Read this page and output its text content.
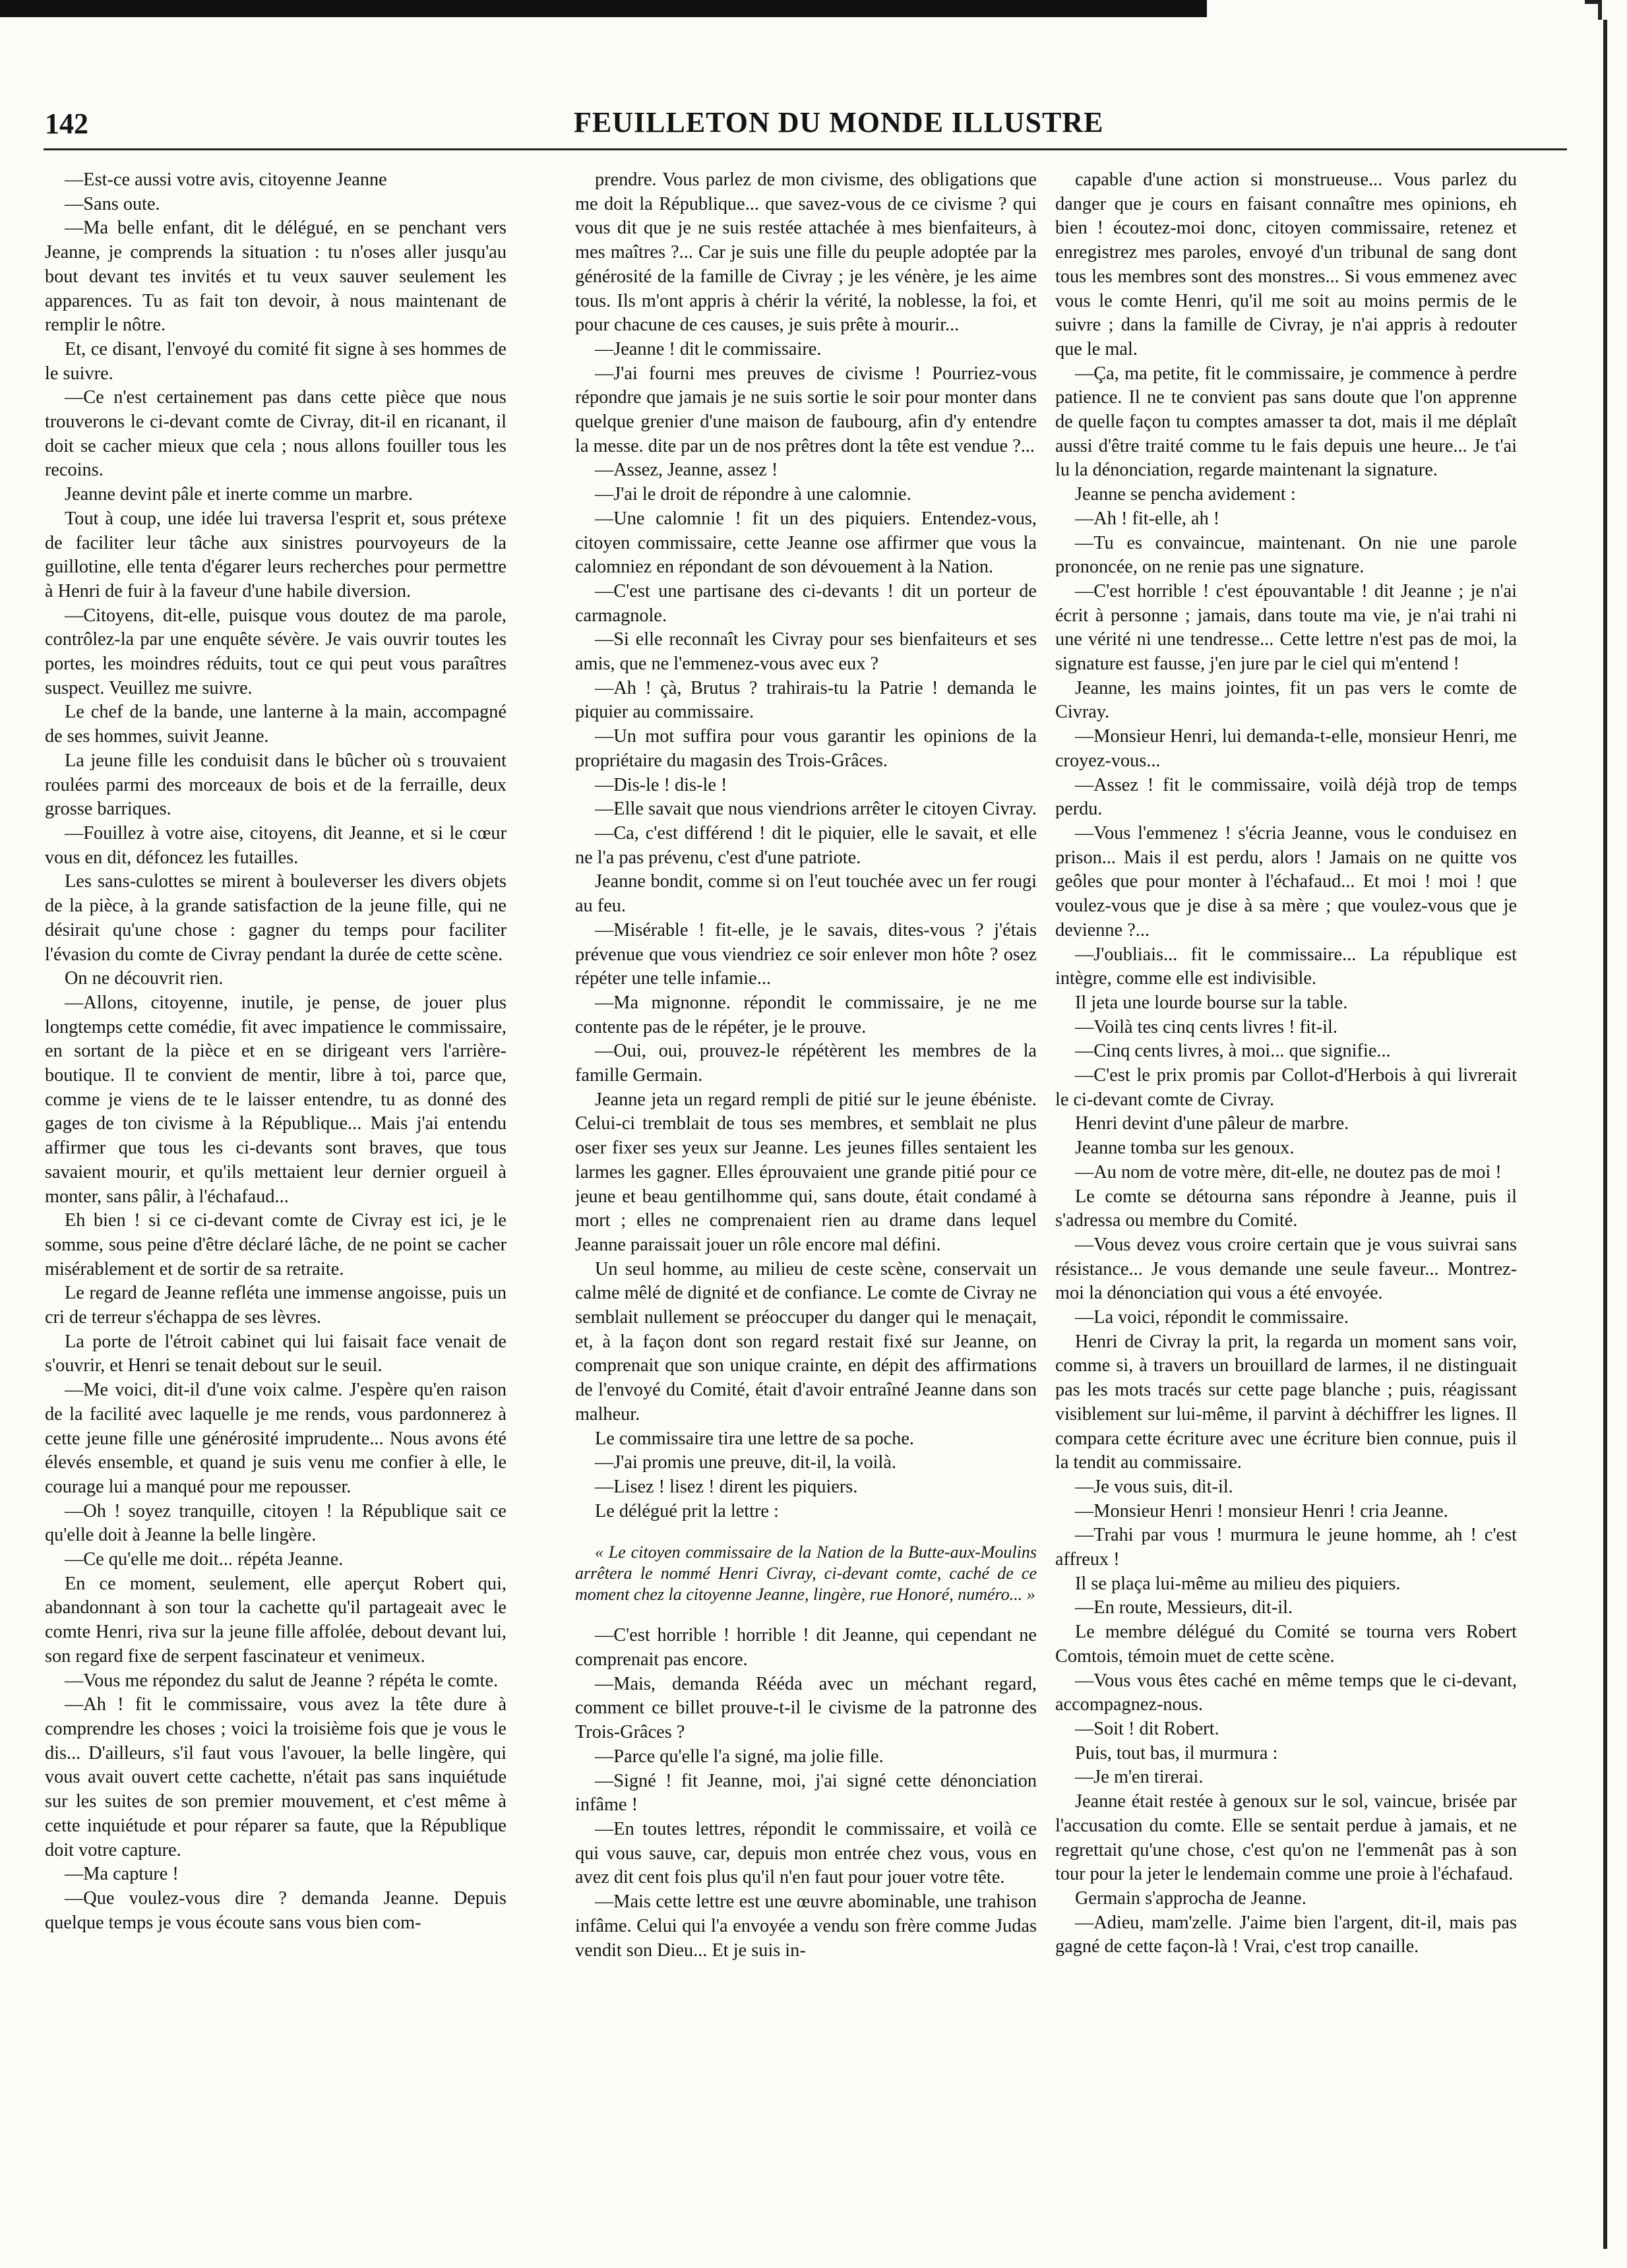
142	FEUILLETON DU MONDE ILLUSTRE

—Est-ce aussi votre avis, citoyenne Jeanne

—Sans oute.

—Ma belle enfant, dit le délégué, en se penchant vers Jeanne, je comprends la situation : tu n'oses aller jusqu'au bout devant tes invités et tu veux sauver seulement les apparences. Tu as fait ton devoir, à nous maintenant de remplir le nôtre.

Et, ce disant, l'envoyé du comité fit signe à ses hommes de le suivre.

—Ce n'est certainement pas dans cette pièce que nous trouverons le ci-devant comte de Civray, dit-il en ricanant, il doit se cacher mieux que cela ; nous allons fouiller tous les recoins.

Jeanne devint pâle et inerte comme un marbre.

Tout à coup, une idée lui traversa l'esprit et, sous prétexe de faciliter leur tâche aux sinistres pourvoyeurs de la guillotine, elle tenta d'égarer leurs recherches pour permettre à Henri de fuir à la faveur d'une habile diversion.

—Citoyens, dit-elle, puisque vous doutez de ma parole, contrôlez-la par une enquête sévère. Je vais ouvrir toutes les portes, les moindres réduits, tout ce qui peut vous paraîtres suspect. Veuillez me suivre.

Le chef de la bande, une lanterne à la main, accompagné de ses hommes, suivit Jeanne.

La jeune fille les conduisit dans le bûcher où s trouvaient roulées parmi des morceaux de bois et de la ferraille, deux grosse barriques.

—Fouillez à votre aise, citoyens, dit Jeanne, et si le cœur vous en dit, défoncez les futailles.

Les sans-culottes se mirent à bouleverser les divers objets de la pièce, à la grande satisfaction de la jeune fille, qui ne désirait qu'une chose : gagner du temps pour faciliter l'évasion du comte de Civray pendant la durée de cette scène.

On ne découvrit rien.

—Allons, citoyenne, inutile, je pense, de jouer plus longtemps cette comédie, fit avec impatience le commissaire, en sortant de la pièce et en se dirigeant vers l'arrière-boutique. Il te convient de mentir, libre à toi, parce que, comme je viens de te le laisser entendre, tu as donné des gages de ton civisme à la République... Mais j'ai entendu affirmer que tous les ci-devants sont braves, que tous savaient mourir, et qu'ils mettaient leur dernier orgueil à monter, sans pâlir, à l'échafaud...

Eh bien ! si ce ci-devant comte de Civray est ici, je le somme, sous peine d'être déclaré lâche, de ne point se cacher misérablement et de sortir de sa retraite.

Le regard de Jeanne refléta une immense angoisse, puis un cri de terreur s'échappa de ses lèvres.

La porte de l'étroit cabinet qui lui faisait face venait de s'ouvrir, et Henri se tenait debout sur le seuil.

—Me voici, dit-il d'une voix calme. J'espère qu'en raison de la facilité avec laquelle je me rends, vous pardonnerez à cette jeune fille une générosité imprudente... Nous avons été élevés ensemble, et quand je suis venu me confier à elle, le courage lui a manqué pour me repousser.

—Oh ! soyez tranquille, citoyen ! la République sait ce qu'elle doit à Jeanne la belle lingère.

—Ce qu'elle me doit... répéta Jeanne.

En ce moment, seulement, elle aperçut Robert qui, abandonnant à son tour la cachette qu'il partageait avec le comte Henri, riva sur la jeune fille affolée, debout devant lui, son regard fixe de serpent fascinateur et venimeux.

—Vous me répondez du salut de Jeanne ? répéta le comte.

—Ah ! fit le commissaire, vous avez la tête dure à comprendre les choses ; voici la troisième fois que je vous le dis... D'ailleurs, s'il faut vous l'avouer, la belle lingère, qui vous avait ouvert cette cachette, n'était pas sans inquiétude sur les suites de son premier mouvement, et c'est même à cette inquiétude et pour réparer sa faute, que la République doit votre capture.

—Ma capture !

—Que voulez-vous dire ? demanda Jeanne. Depuis quelque temps je vous écoute sans vous bien com-

prendre. Vous parlez de mon civisme, des obligations que me doit la République... que savez-vous de ce civisme ? qui vous dit que je ne suis restée attachée à mes bienfaiteurs, à mes maîtres ?... Car je suis une fille du peuple adoptée par la générosité de la famille de Civray ; je les vénère, je les aime tous. Ils m'ont appris à chérir la vérité, la noblesse, la foi, et pour chacune de ces causes, je suis prête à mourir...

—Jeanne ! dit le commissaire.

—J'ai fourni mes preuves de civisme ! Pourriez-vous répondre que jamais je ne suis sortie le soir pour monter dans quelque grenier d'une maison de faubourg, afin d'y entendre la messe. dite par un de nos prêtres dont la tête est vendue ?...

—Assez, Jeanne, assez !

—J'ai le droit de répondre à une calomnie.

—Une calomnie ! fit un des piquiers. Entendez-vous, citoyen commissaire, cette Jeanne ose affirmer que vous la calomniez en répondant de son dévouement à la Nation.

—C'est une partisane des ci-devants ! dit un porteur de carmagnole.

—Si elle reconnaît les Civray pour ses bienfaiteurs et ses amis, que ne l'emmenez-vous avec eux ?

—Ah ! çà, Brutus ? trahirais-tu la Patrie ! demanda le piquier au commissaire.

—Un mot suffira pour vous garantir les opinions de la propriétaire du magasin des Trois-Grâces.

—Dis-le ! dis-le !

—Elle savait que nous viendrions arrêter le citoyen Civray.

—Ca, c'est différend ! dit le piquier, elle le savait, et elle ne l'a pas prévenu, c'est d'une patriote.

Jeanne bondit, comme si on l'eut touchée avec un fer rougi au feu.

—Misérable ! fit-elle, je le savais, dites-vous ? j'étais prévenue que vous viendriez ce soir enlever mon hôte ? osez répéter une telle infamie...

—Ma mignonne. répondit le commissaire, je ne me contente pas de le répéter, je le prouve.

—Oui, oui, prouvez-le répétèrent les membres de la famille Germain.

Jeanne jeta un regard rempli de pitié sur le jeune ébéniste. Celui-ci tremblait de tous ses membres, et semblait ne plus oser fixer ses yeux sur Jeanne. Les jeunes filles sentaient les larmes les gagner. Elles éprouvaient une grande pitié pour ce jeune et beau gentilhomme qui, sans doute, était condamé à mort ; elles ne comprenaient rien au drame dans lequel Jeanne paraissait jouer un rôle encore mal défini.

Un seul homme, au milieu de ceste scène, conservait un calme mêlé de dignité et de confiance. Le comte de Civray ne semblait nullement se préoccuper du danger qui le menaçait, et, à la façon dont son regard restait fixé sur Jeanne, on comprenait que son unique crainte, en dépit des affirmations de l'envoyé du Comité, était d'avoir entraîné Jeanne dans son malheur.

Le commissaire tira une lettre de sa poche.

—J'ai promis une preuve, dit-il, la voilà.

—Lisez ! lisez ! dirent les piquiers.

Le délégué prit la lettre :

« Le citoyen commissaire de la Nation de la Butte-aux-Moulins arrêtera le nommé Henri Civray, ci-devant comte, caché de ce moment chez la citoyenne Jeanne, lingère, rue Honoré, numéro... »

—C'est horrible ! horrible ! dit Jeanne, qui cependant ne comprenait pas encore.

—Mais, demanda Rééda avec un méchant regard, comment ce billet prouve-t-il le civisme de la patronne des Trois-Grâces ?

—Parce qu'elle l'a signé, ma jolie fille.

—Signé ! fit Jeanne, moi, j'ai signé cette dénonciation infâme !

—En toutes lettres, répondit le commissaire, et voilà ce qui vous sauve, car, depuis mon entrée chez vous, vous en avez dit cent fois plus qu'il n'en faut pour jouer votre tête.

—Mais cette lettre est une œuvre abominable, une trahison infâme. Celui qui l'a envoyée a vendu son frère comme Judas vendit son Dieu... Et je suis in-

capable d'une action si monstrueuse... Vous parlez du danger que je cours en faisant connaître mes opinions, eh bien ! écoutez-moi donc, citoyen commissaire, retenez et enregistrez mes paroles, envoyé d'un tribunal de sang dont tous les membres sont des monstres... Si vous emmenez avec vous le comte Henri, qu'il me soit au moins permis de le suivre ; dans la famille de Civray, je n'ai appris à redouter que le mal.

—Ça, ma petite, fit le commissaire, je commence à perdre patience. Il ne te convient pas sans doute que l'on apprenne de quelle façon tu comptes amasser ta dot, mais il me déplaît aussi d'être traité comme tu le fais depuis une heure... Je t'ai lu la dénonciation, regarde maintenant la signature.

Jeanne se pencha avidement :

—Ah ! fit-elle, ah !

—Tu es convaincue, maintenant. On nie une parole prononcée, on ne renie pas une signature.

—C'est horrible ! c'est épouvantable ! dit Jeanne ; je n'ai écrit à personne ; jamais, dans toute ma vie, je n'ai trahi ni une vérité ni une tendresse... Cette lettre n'est pas de moi, la signature est fausse, j'en jure par le ciel qui m'entend !

Jeanne, les mains jointes, fit un pas vers le comte de Civray.

—Monsieur Henri, lui demanda-t-elle, monsieur Henri, me croyez-vous...

—Assez ! fit le commissaire, voilà déjà trop de temps perdu.

—Vous l'emmenez ! s'écria Jeanne, vous le conduisez en prison... Mais il est perdu, alors ! Jamais on ne quitte vos geôles que pour monter à l'échafaud... Et moi ! moi ! que voulez-vous que je dise à sa mère ; que voulez-vous que je devienne ?...

—J'oubliais... fit le commissaire... La république est intègre, comme elle est indivisible.

Il jeta une lourde bourse sur la table.

—Voilà tes cinq cents livres ! fit-il.

—Cinq cents livres, à moi... que signifie...

—C'est le prix promis par Collot-d'Herbois à qui livrerait le ci-devant comte de Civray.

Henri devint d'une pâleur de marbre.

Jeanne tomba sur les genoux.

—Au nom de votre mère, dit-elle, ne doutez pas de moi !

Le comte se détourna sans répondre à Jeanne, puis il s'adressa ou membre du Comité.

—Vous devez vous croire certain que je vous suivrai sans résistance... Je vous demande une seule faveur... Montrez-moi la dénonciation qui vous a été envoyée.

—La voici, répondit le commissaire.

Henri de Civray la prit, la regarda un moment sans voir, comme si, à travers un brouillard de larmes, il ne distinguait pas les mots tracés sur cette page blanche ; puis, réagissant visiblement sur lui-même, il parvint à déchiffrer les lignes. Il compara cette écriture avec une écriture bien connue, puis il la tendit au commissaire.

—Je vous suis, dit-il.

—Monsieur Henri ! monsieur Henri ! cria Jeanne.

—Trahi par vous ! murmura le jeune homme, ah ! c'est affreux !

Il se plaça lui-même au milieu des piquiers.

—En route, Messieurs, dit-il.

Le membre délégué du Comité se tourna vers Robert Comtois, témoin muet de cette scène.

—Vous vous êtes caché en même temps que le ci-devant, accompagnez-nous.

—Soit ! dit Robert.

Puis, tout bas, il murmura :

—Je m'en tirerai.

Jeanne était restée à genoux sur le sol, vaincue, brisée par l'accusation du comte. Elle se sentait perdue à jamais, et ne regrettait qu'une chose, c'est qu'on ne l'emmenât pas à son tour pour la jeter le lendemain comme une proie à l'échafaud.

Germain s'approcha de Jeanne.

—Adieu, mam'zelle. J'aime bien l'argent, dit-il, mais pas gagné de cette façon-là ! Vrai, c'est trop canaille.
